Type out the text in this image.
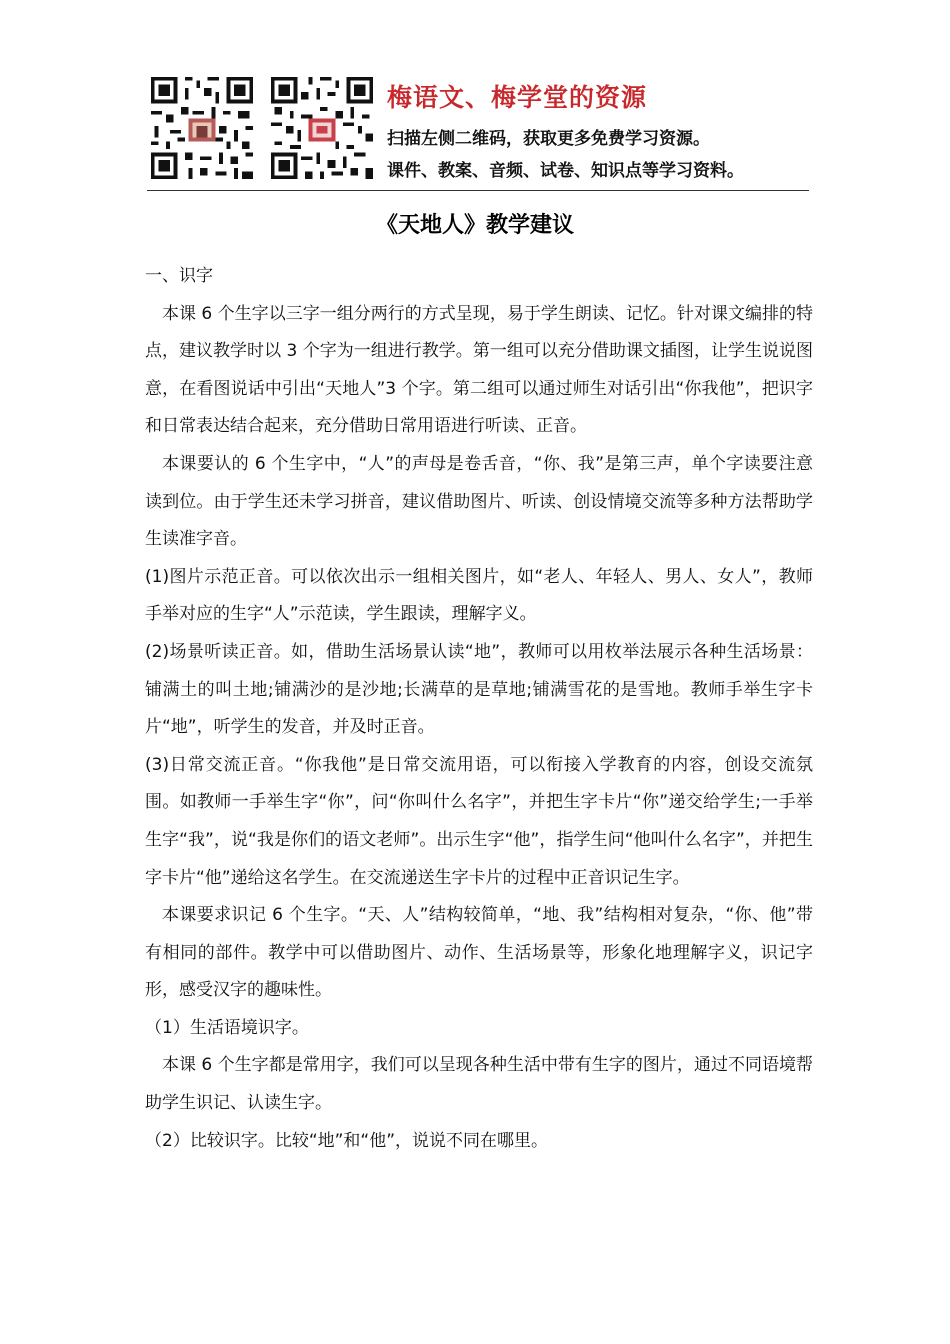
梅语文、梅学堂的资源
扫描左侧二维码，获取更多免费学习资源。
课件、教案、音频、试卷、知识点等学习资料。
《天地人》教学建议

一、识字

本课 6 个生字以三字一组分两行的方式呈现，易于学生朗读、记忆。针对课文编排的特点，建议教学时以 3 个字为一组进行教学。第一组可以充分借助课文插图，让学生说说图意，在看图说话中引出“天地人”3 个字。第二组可以通过师生对话引出“你我他”，把识字和日常表达结合起来，充分借助日常用语进行听读、正音。

本课要认的 6 个生字中，“人”的声母是卷舌音，“你、我”是第三声，单个字读要注意读到位。由于学生还未学习拼音，建议借助图片、听读、创设情境交流等多种方法帮助学生读准字音。

(1)图片示范正音。可以依次出示一组相关图片，如“老人、年轻人、男人、女人”，教师手举对应的生字“人”示范读，学生跟读，理解字义。

(2)场景听读正音。如，借助生活场景认读“地”，教师可以用枚举法展示各种生活场景：铺满土的叫土地;铺满沙的是沙地;长满草的是草地;铺满雪花的是雪地。教师手举生字卡片“地”，听学生的发音，并及时正音。

(3)日常交流正音。“你我他”是日常交流用语，可以衔接入学教育的内容，创设交流氛围。如教师一手举生字“你”，问“你叫什么名字”，并把生字卡片“你”递交给学生;一手举生字“我”，说“我是你们的语文老师”。出示生字“他”，指学生问“他叫什么名字”，并把生字卡片“他”递给这名学生。在交流递送生字卡片的过程中正音识记生字。

本课要求识记 6 个生字。“天、人”结构较简单，“地、我”结构相对复杂，“你、他”带有相同的部件。教学中可以借助图片、动作、生活场景等，形象化地理解字义，识记字形，感受汉字的趣味性。

（1）生活语境识字。

本课 6 个生字都是常用字，我们可以呈现各种生活中带有生字的图片，通过不同语境帮助学生识记、认读生字。

（2）比较识字。比较“地”和“他”，说说不同在哪里。
